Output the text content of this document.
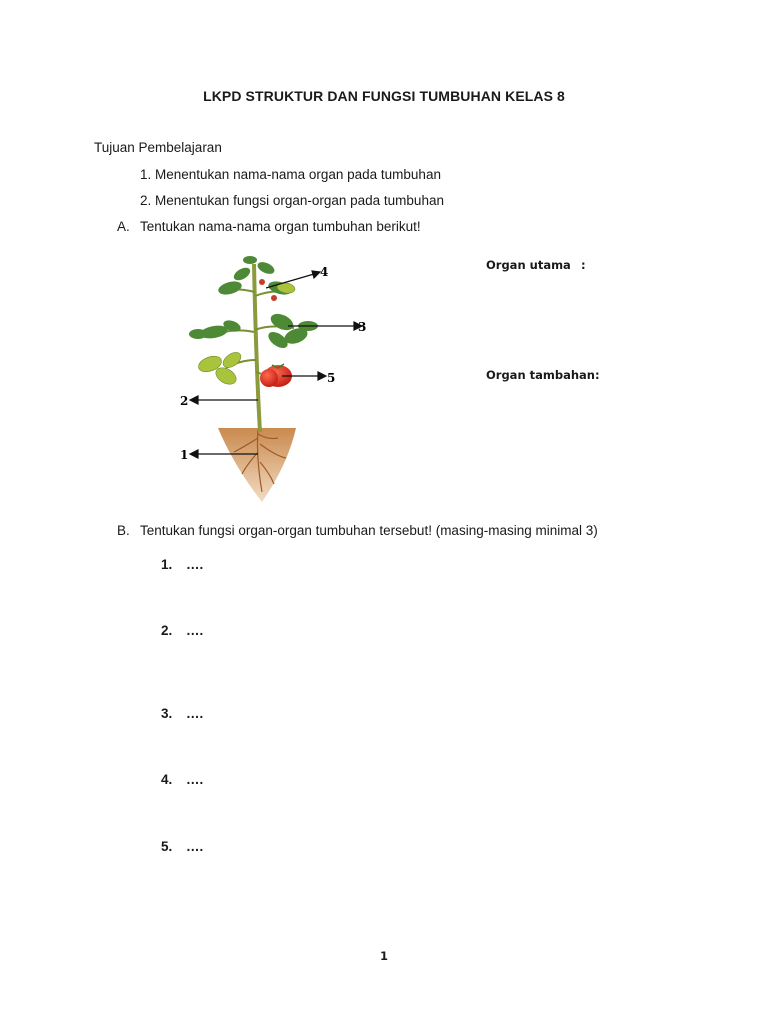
LKPD STRUKTUR DAN FUNGSI TUMBUHAN KELAS 8
Tujuan Pembelajaran
1. Menentukan nama-nama organ pada tumbuhan
2. Menentukan fungsi organ-organ pada tumbuhan
A. Tentukan nama-nama organ tumbuhan berikut!
Organ utama :
Organ tambahan:
4
3
5
2
1
B. Tentukan fungsi organ-organ tumbuhan tersebut! (masing-masing minimal 3)
1. ….
2. ….
3. ….
4. ….
5. ….
1
